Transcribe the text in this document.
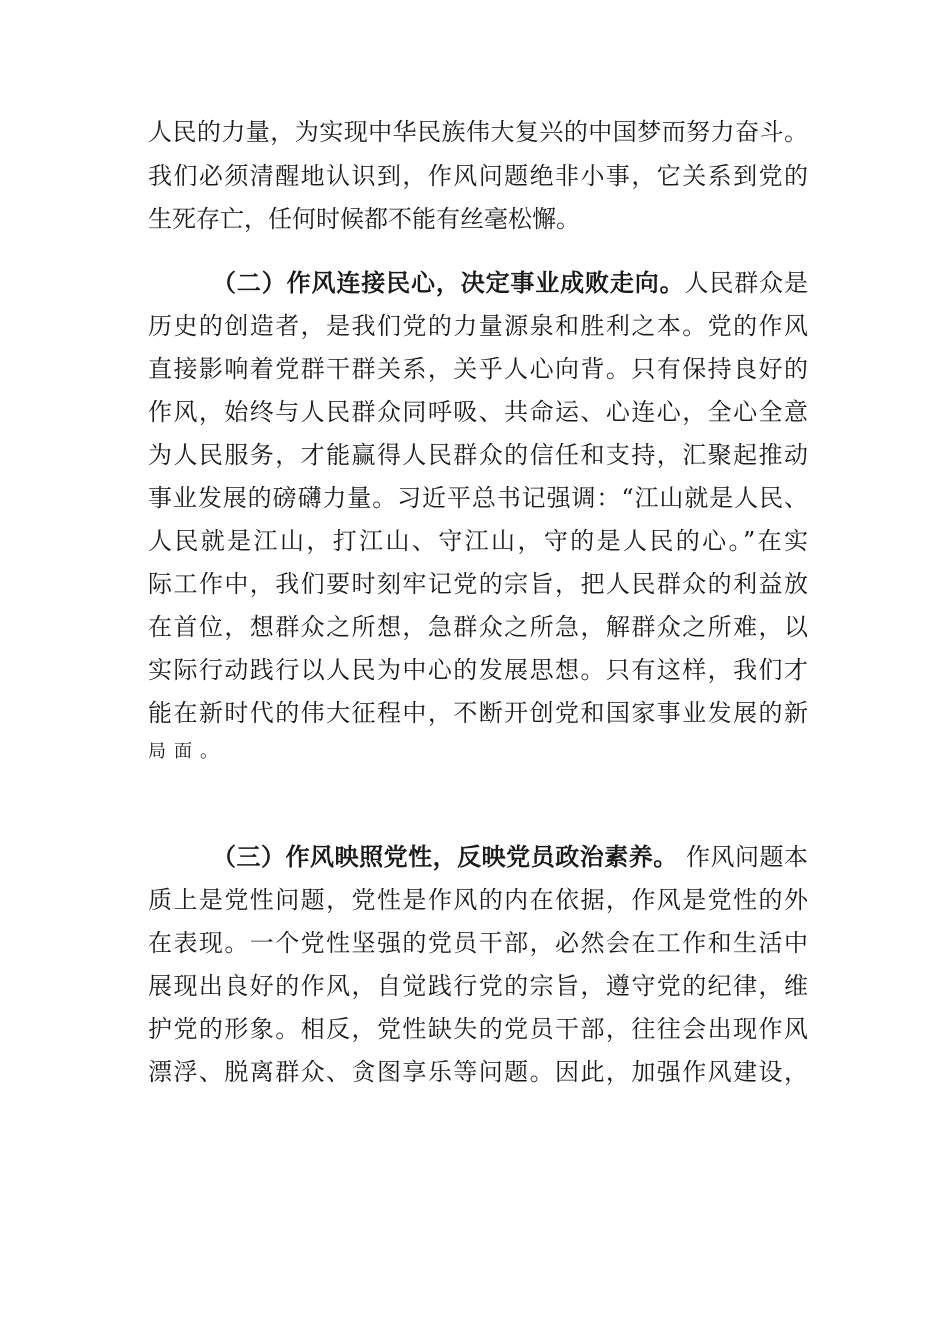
人民的力量，为实现中华民族伟大复兴的中国梦而努力奋斗。
我们必须清醒地认识到，作风问题绝非小事，它关系到党的
生死存亡，任何时候都不能有丝毫松懈。
（二）作风连接民心，决定事业成败走向。人民群众是
历史的创造者，是我们党的力量源泉和胜利之本。党的作风
直接影响着党群干群关系，关乎人心向背。只有保持良好的
作风，始终与人民群众同呼吸、共命运、心连心，全心全意
为人民服务，才能赢得人民群众的信任和支持，汇聚起推动
事业发展的磅礴力量。习近平总书记强调：“江山就是人民、
人民就是江山，打江山、守江山，守的是人民的心。”在实
际工作中，我们要时刻牢记党的宗旨，把人民群众的利益放
在首位，想群众之所想，急群众之所急，解群众之所难，以
实际行动践行以人民为中心的发展思想。只有这样，我们才
能在新时代的伟大征程中，不断开创党和国家事业发展的新
局面。
（三）作风映照党性，反映党员政治素养。 作风问题本
质上是党性问题，党性是作风的内在依据，作风是党性的外
在表现。一个党性坚强的党员干部，必然会在工作和生活中
展现出良好的作风，自觉践行党的宗旨，遵守党的纪律，维
护党的形象。相反，党性缺失的党员干部，往往会出现作风
漂浮、脱离群众、贪图享乐等问题。因此，加强作风建设，
